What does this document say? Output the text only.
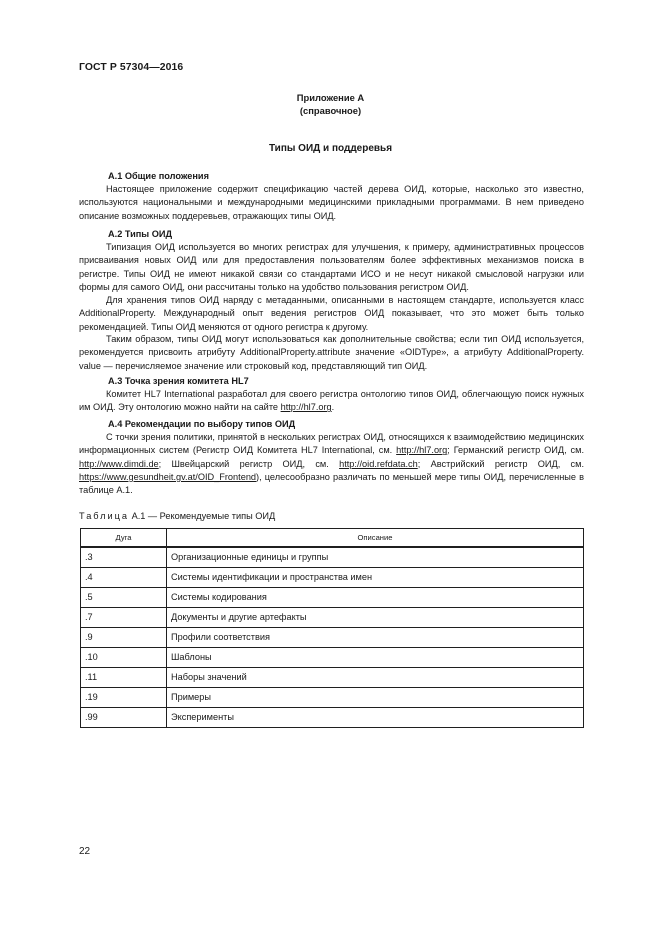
ГОСТ Р 57304—2016
Приложение А
(справочное)
Типы ОИД и поддеревья
А.1 Общие положения

Настоящее приложение содержит спецификацию частей дерева ОИД, которые, насколько это известно, используются национальными и международными медицинскими прикладными программами. В нем приведено описание возможных поддеревьев, отражающих типы ОИД.

А.2 Типы ОИД

Типизация ОИД используется во многих регистрах для улучшения, к примеру, административных процессов присваивания новых ОИД или для предоставления пользователям более эффективных механизмов поиска в регистре. Типы ОИД не имеют никакой связи со стандартами ИСО и не несут никакой смысловой нагрузки или формы для самого ОИД, они рассчитаны только на удобство пользования регистром ОИД.

Для хранения типов ОИД наряду с метаданными, описанными в настоящем стандарте, используется класс AdditionalProperty. Международный опыт ведения регистров ОИД показывает, что это может быть только рекомендацией. Типы ОИД меняются от одного регистра к другому.

Таким образом, типы ОИД могут использоваться как дополнительные свойства; если тип ОИД используется, рекомендуется присвоить атрибуту AdditionalProperty.attribute значение «OIDType», а атрибуту AdditionalProperty. value — перечисляемое значение или строковый код, представляющий тип ОИД.

А.3 Точка зрения комитета HL7

Комитет HL7 International разработал для своего регистра онтологию типов ОИД, облегчающую поиск нужных им ОИД. Эту онтологию можно найти на сайте http://hl7.org.

А.4 Рекомендации по выбору типов ОИД

С точки зрения политики, принятой в нескольких регистрах ОИД, относящихся к взаимодействию медицинских информационных систем (Регистр ОИД Комитета HL7 International, см. http://hl7.org; Германский регистр ОИД, см. http://www.dimdi.de; Швейцарский регистр ОИД, см. http://oid.refdata.ch; Австрийский регистр ОИД, см. https://www.gesundheit.gv.at/OID_Frontend), целесообразно различать по меньшей мере типы ОИД, перечисленные в таблице А.1.

Таблица А.1 — Рекомендуемые типы ОИД
Дуга	Описание
.3	Организационные единицы и группы
.4	Системы идентификации и пространства имен
.5	Системы кодирования
.7	Документы и другие артефакты
.9	Профили соответствия
.10	Шаблоны
.11	Наборы значений
.19	Примеры
.99	Эксперименты
22
